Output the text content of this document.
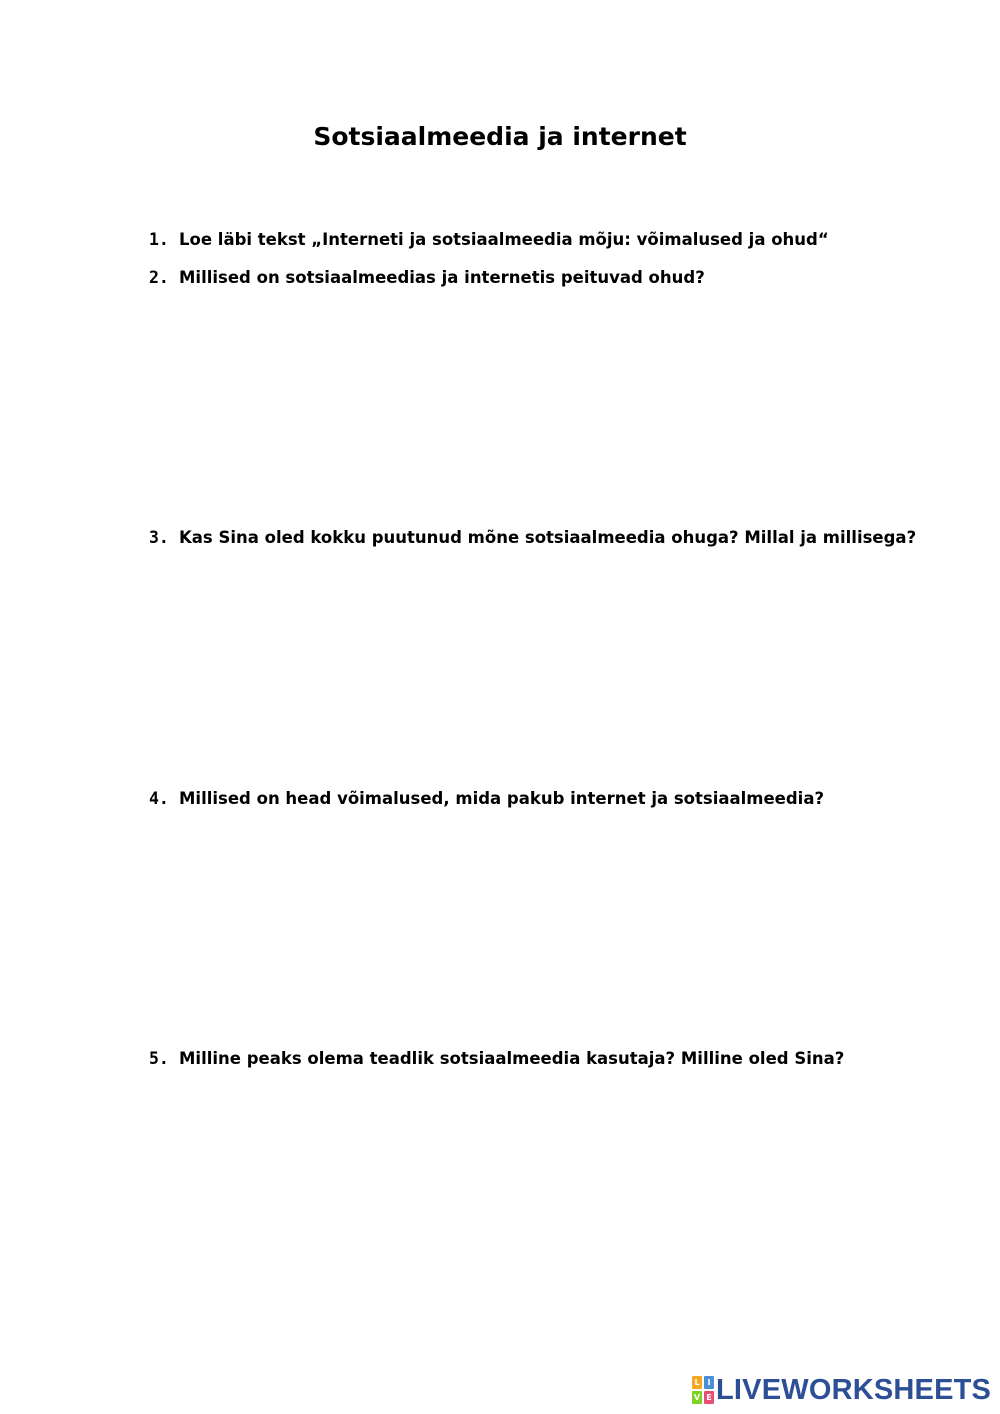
Sotsiaalmeedia ja internet
1. Loe läbi tekst „Interneti ja sotsiaalmeedia mõju: võimalused ja ohud“
2. Millised on sotsiaalmeedias ja internetis peituvad ohud?
3. Kas Sina oled kokku puutunud mõne sotsiaalmeedia ohuga? Millal ja millisega?
4. Millised on head võimalused, mida pakub internet ja sotsiaalmeedia?
5. Milline peaks olema teadlik sotsiaalmeedia kasutaja? Milline oled Sina?
L I
V E LIVEWORKSHEETS
